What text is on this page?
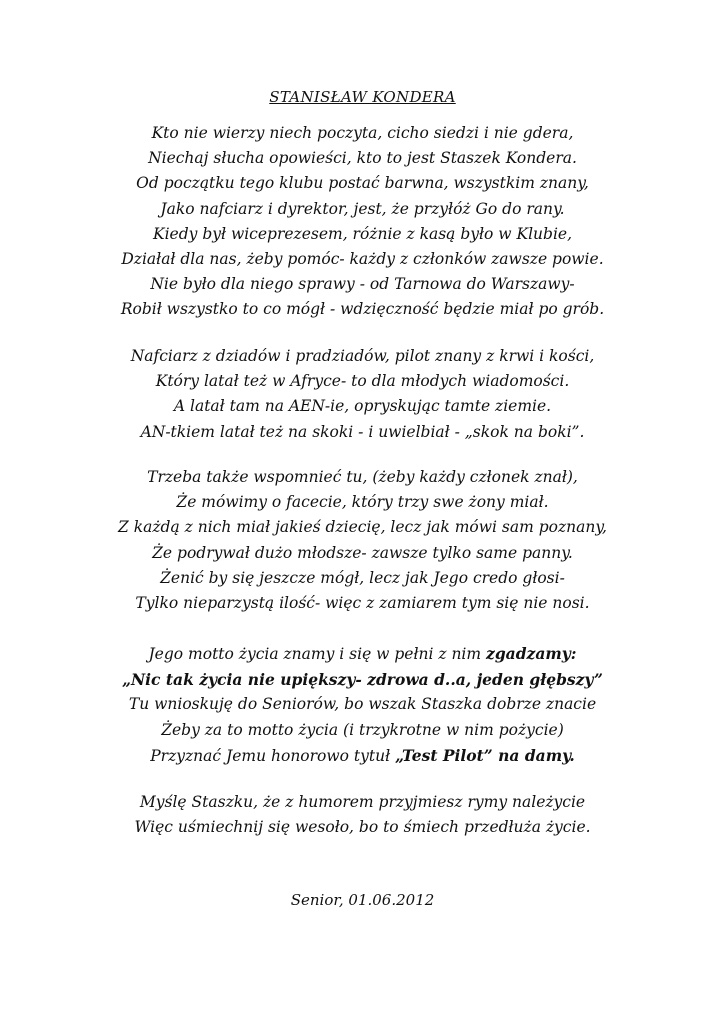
STANISŁAW KONDERA
Kto nie wierzy niech poczyta, cicho siedzi i nie gdera,
Niechaj słucha opowieści, kto to jest Staszek Kondera.
Od początku tego klubu postać barwna, wszystkim znany,
Jako nafciarz i dyrektor, jest, że przyłóż Go do rany.
Kiedy był wiceprezesem, różnie z kasą było w Klubie,
Działał dla nas, żeby pomóc- każdy z członków zawsze powie.
Nie było dla niego sprawy - od Tarnowa do Warszawy-
Robił wszystko to co mógł - wdzięczność będzie miał po grób.
Nafciarz z dziadów i pradziadów, pilot znany z krwi i kości,
Który latał też w Afryce- to dla młodych wiadomości.
A latał tam na AEN-ie, opryskując tamte ziemie.
AN-tkiem latał też na skoki - i uwielbiał - „skok na boki”.
Trzeba także wspomnieć tu, (żeby każdy członek znał),
Że mówimy o facecie, który trzy swe żony miał.
Z każdą z nich miał jakieś dziecię, lecz jak mówi sam poznany,
Że podrywał dużo młodsze- zawsze tylko same panny.
Żenić by się jeszcze mógł, lecz jak Jego credo głosi-
Tylko nieparzystą ilość- więc z zamiarem tym się nie nosi.
Jego motto życia znamy i się w pełni z nim zgadzamy:
„Nic tak życia nie upiększy- zdrowa d..a, jeden głębszy”
Tu wnioskuję do Seniorów, bo wszak Staszka dobrze znacie
Żeby za to motto życia (i trzykrotne w nim pożycie)
Przyznać Jemu honorowo tytuł „Test Pilot” na damy.
Myślę Staszku, że z humorem przyjmiesz rymy należycie
Więc uśmiechnij się wesoło, bo to śmiech przedłuża życie.
Senior, 01.06.2012
